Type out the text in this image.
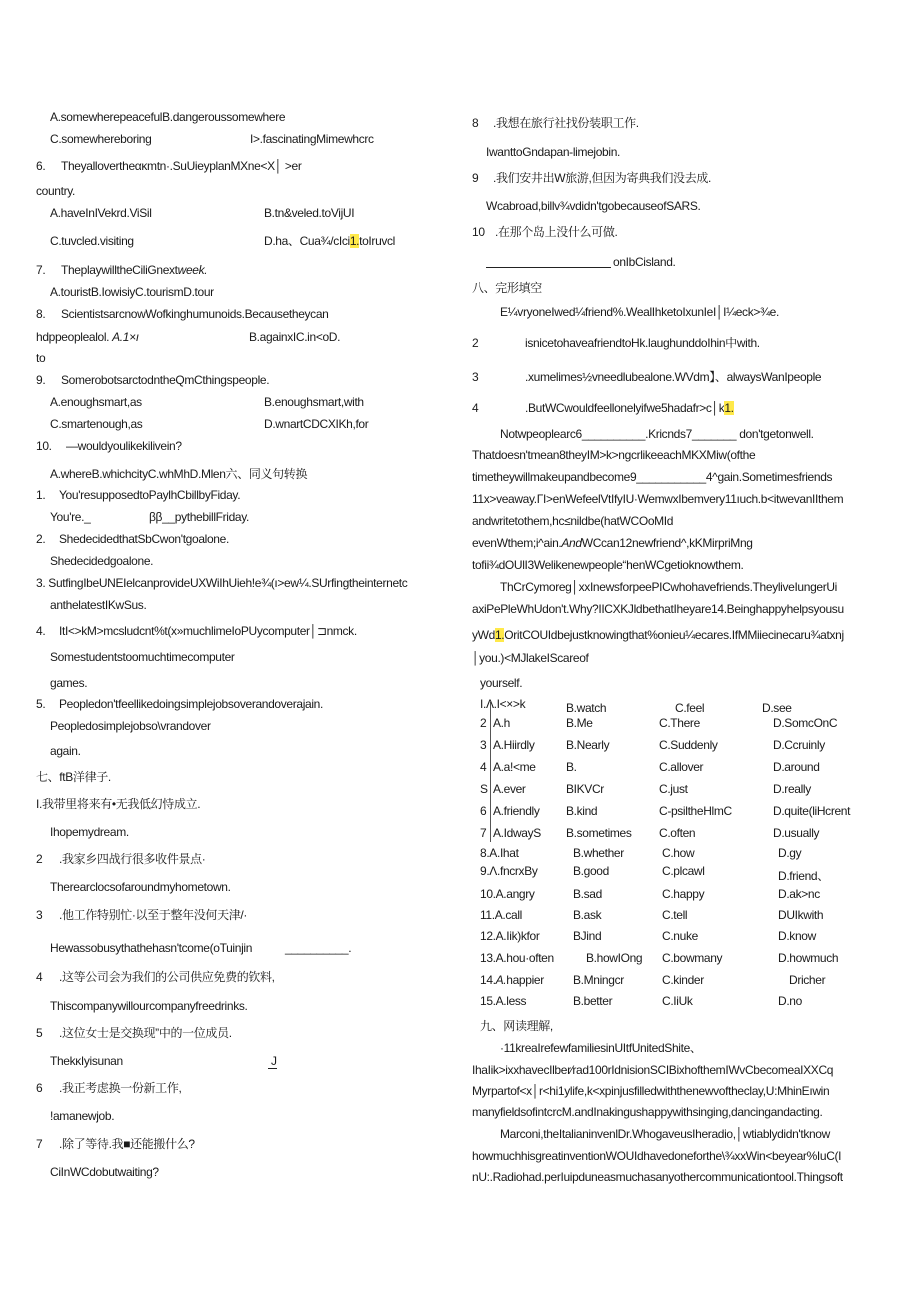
A.somewherepeacefulB.dangeroussomewhere
C.somewhereboring	I>.fascinatingMimewhcrc
6. Theyallovertheακmtn·.SuUieyplanMXne<X│ >er
country.
A.haveInIVekrd.ViSil	B.tn&veled.toVijUI
C.tuvcled.visiting	D.ha、Cua¾/cIci1.toIruvcl
7. TheplaywilltheCiliGnextweek.
A.touristB.IowisiyC.tourismD.tour
8. ScientistsarcnowWofkinghumunoids.Becausetheycan
hdppeoplealol. A.1×ı	B.againxIC.in<oD.
to
9. SomerobotsarctodntheQmCthingspeople.
A.enoughsmart,as	B.enoughsmart,with
C.smartenough,as	D.wnartCDCXIKh,for
10. —wouldyoulikekilivein?
A.whereB.whichcityC.whMhD.Mlen六、同义句转换
1. You'resupposedtoPaylhCbillbyFiday.
You're._	ββ__pythebillFriday.
2. ShedecidedthatSbCwon'tgoalone.
Shedecidedgoalone.
3. SutfingIbeUNEIelcanprovideUXWiIhUieh!e¾(ı>ew¼.SUrfingtheinternetc
anthelatestIKwSus.
4. ItI<>kM>mcsludcnt%t(x»muchlimeIoPUycomputer│⊐nmck.
Somestudentstoomuchtimecomputer
games.
5. Peopledon'tfeellikedoingsimplejobsoverandoverajain.
Peopledosimplejobso\vrandover
again.
七、ftB洋律子.
I.我带里将来有•无我低幻恃成立.
Ihopemydream.
2 .我家乡四战行很多收件景点·
Therearclocsofaroundmyhometown.
3 .他工作特别忙·以至于整年没何天津/·
Hewassobusythathehasn'tcome(oTuinjin	__________.
4 .这等公司会为我们的公司供应免费的钦料,
Thiscompanywillourcompanyfreedrinks.
5 .这位女士是交换现”中的一位成员.
ThekκIyisunan	J
6 .我正考虑换一份新工作,
!amanewjob.
7 .除了等待.我■还能搬什么?
CiInWCdobutwaiting?
8 .我想在旅行社找份装职工作.
IwanttoGndapan-limejobin.
9 .我们安井出W旅游,但因为寄典我们没去成.
Wcabroad,billv¾vdidn'tgobecauseofSARS.
10 .在那个岛上没什么可做.
onIbCisland.
八、完形填空
E¼vryoneIwed¼friend%.WealIhketoIxunIeI│I¼eck>¾e.
2	isnicetohaveafriendtoHk.laughunddoIhin中with.
3	.xumelimes½vneedlubealone.WVdm】、alwaysWanIpeople
4	.ButWCwouldfeellonelyifwe5hadafr>c│k1.
Notwpeoplearc6__________.Kricnds7_______ don'tgetonwell.
Thatdoesn'tmean8theyIM>k>ngcrlikeeachMKXMiw(ofthe
timetheywillmakeupandbecome9___________4^gain.Sometimesfriends
11x>veaway.ΓI>enWefeelVtIfyIU·WemwxIbemvery11ıuch.b<itwevanIIthem
andwritetothem,hc≤nildbe(hatWCOoMId
evenWthem;i^ain.AndWCcan12newfriend^,kKMirpriMng
tofii¾dOUlI3Welikenewpeople“henWCgetioknowthem.
ThCrCymoreg│xxInewsforpeePICwhohavefriends.TheyliveIungerUi
axiPePleWhUdon't.Why?IICXKJldbethatIheyare14.Beinghappyhelpsyousu
yWd1.OritCOUIdbejustknowingthat%onieu¼ecares.IfMMiiecinecaru¾atxnj
│you.)<MJlakeIScareof
yourself.
Ι.Λ.I<×>k	B.watch	C.feel	D.see
2 A.h	B.Me	C.There	D.SomcOnC
3 A.Hiirdly	B.Nearly	C.Suddenly	D.Ccruinly
4 A.a!<me	B.	C.allover	D.around
S A.ever	BIKVCr	C.just	D.really
6 A.friendly B.kind	C-psiltheHlmC	D.quite(liHcrent
7 A.IdwayS B.sometimes C.often	D.usually
8.A.Ihat	B.whether	C.how	D.gy
9.Λ.fncrxBy	B.good	C.plcawl	D.friend、
10.A.angry	B.sad	C.happy	D.ak>nc
11.A.call	B.ask	C.tell	DUIkwith
12.A.Iik)kfor	BJind	C.nuke	D.know
13.A.hou·often	B.howIOng C.bowmany	D.howmuch
14.A.happier B.Mningcr	C.kinder	Dricher
15.A.less	B.better	C.IiUk	D.no
九、网读理解,
·11kreaIrefewfamiliesinUItfUnitedShite、
IhaIik>ixxhavecIlber⁄rad100rIdnisionSCIBixhofthemIWvCbecomeaIXXCq
Myrpartof<x│r<hi1ylife,k<xpinjusfilledwiththenewvoftheclay,U:MhinEıwin
manyfieldsofintcrcM.andInakingushappywithsinging,dancingandacting.
Marconi,theItalianinvenlDr.WhogaveusIheradio,│wtiablydidn'tknow
howmuchhisgreatinventionWOUIdhavedoneforthe\¾xxWin<beyear%IuC(I
nU:.Radiohad.perIuipduneasmuchasanyothercommunicationtool.Thingsoft
